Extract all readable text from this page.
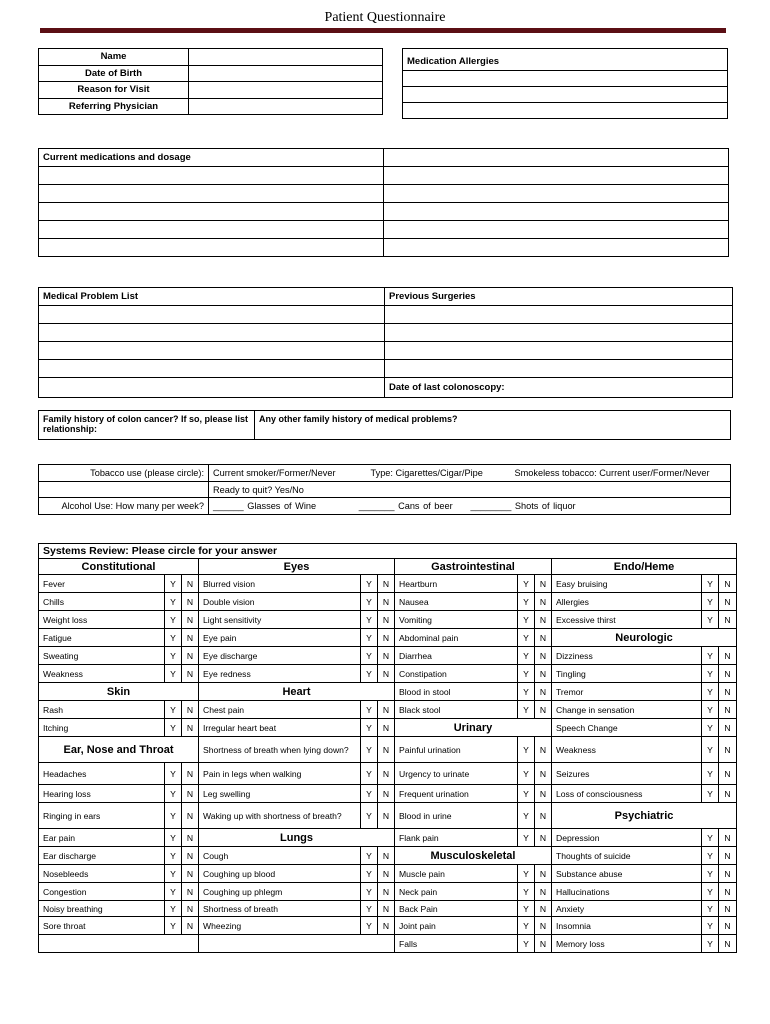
Patient Questionnaire
Name	
Date of Birth	
Reason for Visit	
Referring Physician	
Medication Allergies

Current medications and dosage	

Medical Problem List	Previous Surgeries

	Date of last colonoscopy:
Family history of colon cancer? If so, please list relationship:	Any other family history of medical problems?
Tobacco use (please circle):	Current smoker/Former/Never	Type: Cigarettes/Cigar/Pipe	Smokeless tobacco: Current user/Former/Never
	Ready to quit? Yes/No		
Alcohol Use: How many per week?	______ Glasses of Wine _______ Cans of beer ________ Shots of liquor		
Systems Review: Please circle for your answer											
Constitutional			Eyes			Gastrointestinal			Endo/Heme		
Fever	Y	N	Blurred vision	Y	N	Heartburn	Y	N	Easy bruising	Y	N
Chills	Y	N	Double vision	Y	N	Nausea	Y	N	Allergies	Y	N
Weight loss	Y	N	Light sensitivity	Y	N	Vomiting	Y	N	Excessive thirst	Y	N
Fatigue	Y	N	Eye pain	Y	N	Abdominal pain	Y	N	Neurologic		
Sweating	Y	N	Eye discharge	Y	N	Diarrhea	Y	N	Dizziness	Y	N
Weakness	Y	N	Eye redness	Y	N	Constipation	Y	N	Tingling	Y	N
Skin			Heart			Blood in stool	Y	N	Tremor	Y	N
Rash	Y	N	Chest pain	Y	N	Black stool	Y	N	Change in sensation	Y	N
Itching	Y	N	Irregular heart beat	Y	N	Urinary			Speech Change	Y	N
Ear, Nose and Throat			Shortness of breath when lying down?	Y	N	Painful urination	Y	N	Weakness	Y	N
Headaches	Y	N	Pain in legs when walking	Y	N	Urgency to urinate	Y	N	Seizures	Y	N
Hearing loss	Y	N	Leg swelling	Y	N	Frequent urination	Y	N	Loss of consciousness	Y	N
Ringing in ears	Y	N	Waking up with shortness of breath?	Y	N	Blood in urine	Y	N	Psychiatric		
Ear pain	Y	N	Lungs			Flank pain	Y	N	Depression	Y	N
Ear discharge	Y	N	Cough	Y	N	Musculoskeletal			Thoughts of suicide	Y	N
Nosebleeds	Y	N	Coughing up blood	Y	N	Muscle pain	Y	N	Substance abuse	Y	N
Congestion	Y	N	Coughing up phlegm	Y	N	Neck pain	Y	N	Hallucinations	Y	N
Noisy breathing	Y	N	Shortness of breath	Y	N	Back Pain	Y	N	Anxiety	Y	N
Sore throat	Y	N	Wheezing	Y	N	Joint pain	Y	N	Insomnia	Y	N
						Falls	Y	N	Memory loss	Y	N
